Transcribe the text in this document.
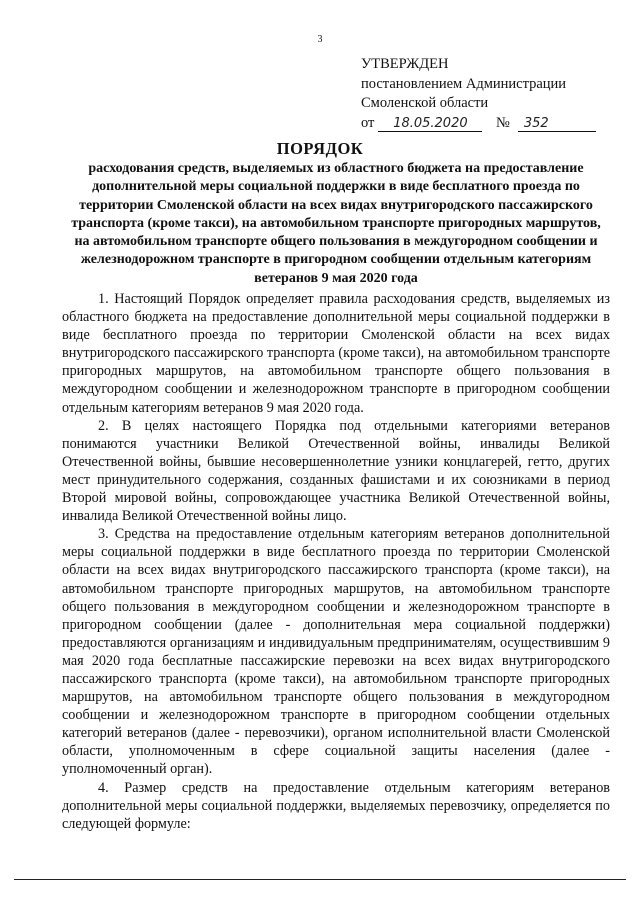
3
УТВЕРЖДЕН
постановлением Администрации
Смоленской области
от 18.05.2020 № 352
ПОРЯДОК
расходования средств, выделяемых из областного бюджета на предоставление дополнительной меры социальной поддержки в виде бесплатного проезда по территории Смоленской области на всех видах внутригородского пассажирского транспорта (кроме такси), на автомобильном транспорте пригородных маршрутов, на автомобильном транспорте общего пользования в междугородном сообщении и железнодорожном транспорте в пригородном сообщении отдельным категориям ветеранов 9 мая 2020 года

1. Настоящий Порядок определяет правила расходования средств, выделяемых из областного бюджета на предоставление дополнительной меры социальной поддержки в виде бесплатного проезда по территории Смоленской области на всех видах внутригородского пассажирского транспорта (кроме такси), на автомобильном транспорте пригородных маршрутов, на автомобильном транспорте общего пользования в междугородном сообщении и железнодорожном транспорте в пригородном сообщении отдельным категориям ветеранов 9 мая 2020 года.

2. В целях настоящего Порядка под отдельными категориями ветеранов понимаются участники Великой Отечественной войны, инвалиды Великой Отечественной войны, бывшие несовершеннолетние узники концлагерей, гетто, других мест принудительного содержания, созданных фашистами и их союзниками в период Второй мировой войны, сопровождающее участника Великой Отечественной войны, инвалида Великой Отечественной войны лицо.

3. Средства на предоставление отдельным категориям ветеранов дополнительной меры социальной поддержки в виде бесплатного проезда по территории Смоленской области на всех видах внутригородского пассажирского транспорта (кроме такси), на автомобильном транспорте пригородных маршрутов, на автомобильном транспорте общего пользования в междугородном сообщении и железнодорожном транспорте в пригородном сообщении (далее - дополнительная мера социальной поддержки) предоставляются организациям и индивидуальным предпринимателям, осуществившим 9 мая 2020 года бесплатные пассажирские перевозки на всех видах внутригородского пассажирского транспорта (кроме такси), на автомобильном транспорте пригородных маршрутов, на автомобильном транспорте общего пользования в междугородном сообщении и железнодорожном транспорте в пригородном сообщении отдельных категорий ветеранов (далее - перевозчики), органом исполнительной власти Смоленской области, уполномоченным в сфере социальной защиты населения (далее - уполномоченный орган).

4. Размер средств на предоставление отдельным категориям ветеранов дополнительной меры социальной поддержки, выделяемых перевозчику, определяется по следующей формуле:
